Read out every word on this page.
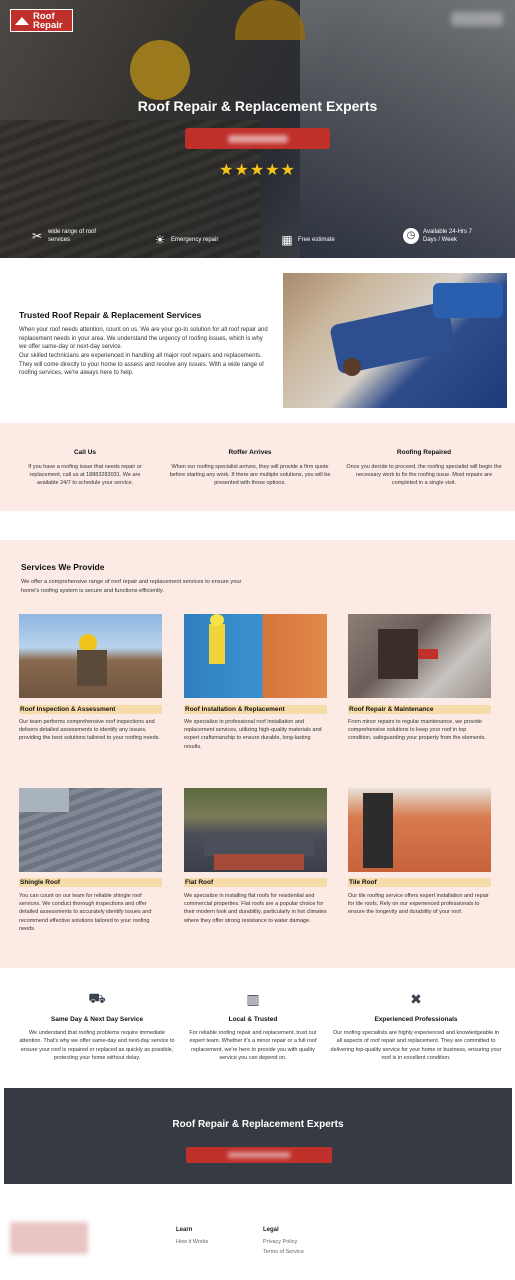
Roof
Repair
Roof Repair & Replacement Experts
★★★★★
✂ wide range of roof services	☀ Emergency repair	▦ Free estimate	◷	Available 24-Hrs 7 Days / Week
Trusted Roof Repair & Replacement Services
When your roof needs attention, count on us. We are your go-to solution for all roof repair and replacement needs in your area. We understand the urgency of roofing issues, which is why we offer same-day or next-day service.
Our skilled technicians are experienced in handling all major roof repairs and replacements. They will come directly to your home to assess and resolve any issues. With a wide range of roofing services, we're always here to help.
Call Us
If you have a roofing issue that needs repair or replacement, call us at 18883283031. We are available 24/7 to schedule your service.
Roffer Arrives
When our roofing specialist arrives, they will provide a firm quote before starting any work. If there are multiple solutions, you will be presented with those options.
Roofing Repaired
Once you decide to proceed, the roofing specialist will begin the necessary work to fix the roofing issue. Most repairs are completed in a single visit.
Services We Provide
We offer a comprehensive range of roof repair and replacement services to ensure your home's roofing system is secure and functions efficiently.
Roof Inspection & Assessment	Roof Installation & Replacement	Roof Repair & Maintenance
Our team performs comprehensive roof inspections and delivers detailed assessments to identify any issues, providing the best solutions tailored to your roofing needs.
We specialize in professional roof installation and replacement services, utilizing high-quality materials and expert craftsmanship to ensure durable, long-lasting results.
From minor repairs to regular maintenance, we provide comprehensive solutions to keep your roof in top condition, safeguarding your property from the elements.
Shingle Roof	Flat Roof	Tile Roof
You can count on our team for reliable shingle roof services. We conduct thorough inspections and offer detailed assessments to accurately identify issues and recommend effective solutions tailored to your roofing needs.
We specialize in installing flat roofs for residential and commercial properties. Flat roofs are a popular choice for their modern look and durability, particularly in hot climates where they offer strong resistance to water damage.
Our tile roofing service offers expert installation and repair for tile roofs. Rely on our experienced professionals to ensure the longevity and durability of your roof.
⛟
Same Day & Next Day Service
We understand that roofing problems require immediate attention. That's why we offer same-day and next-day service to ensure your roof is repaired or replaced as quickly as possible, protecting your home without delay.
▥
Local & Trusted
For reliable roofing repair and replacement, trust our expert team. Whether it's a minor repair or a full roof replacement, we're here to provide you with quality service you can depend on.
✖
Experienced Professionals
Our roofing specialists are highly experienced and knowledgeable in all aspects of roof repair and replacement. They are committed to delivering top-quality service for your home or business, ensuring your roof is in excellent condition.
Roof Repair & Replacement Experts
Learn
How it Works
Legal
Privacy Policy
Terms of Service
